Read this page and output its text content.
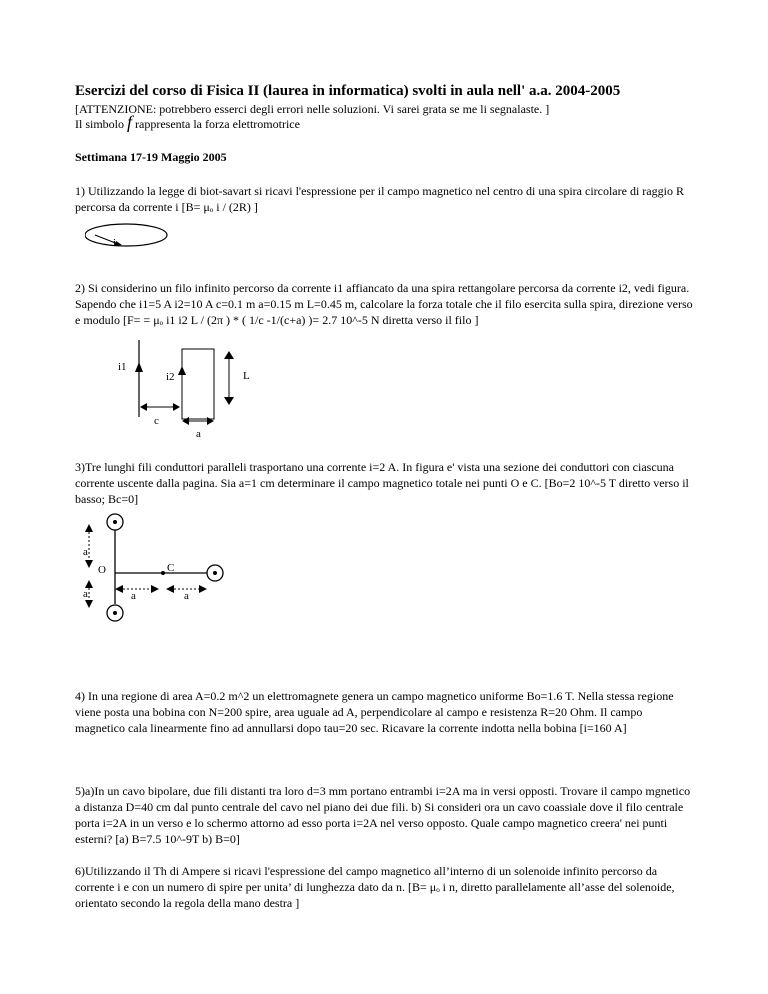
Esercizi del corso di Fisica II (laurea in informatica) svolti in aula nell' a.a. 2004-2005
[ATTENZIONE: potrebbero esserci degli errori nelle soluzioni. Vi sarei grata se me li segnalaste. ]
Il simbolo f rappresenta la forza elettromotrice
Settimana 17-19 Maggio 2005
1) Utilizzando la legge di biot-savart si ricavi l'espressione per il campo magnetico nel centro di una spira circolare di raggio R percorsa da corrente i [B= μₒ i / (2R) ]
i
2) Si considerino un filo infinito percorso da corrente i1 affiancato da una spira rettangolare percorsa da corrente i2, vedi figura. Sapendo che i1=5 A i2=10 A c=0.1 m a=0.15 m L=0.45 m, calcolare la forza totale che il filo esercita sulla spira, direzione verso e modulo [F= = μₒ i1 i2 L / (2π ) * ( 1/c -1/(c+a) )= 2.7 10^-5 N diretta verso il filo ]
i1
i2	L
c
a
3)Tre lunghi fili conduttori paralleli trasportano una corrente i=2 A. In figura e' vista una sezione dei conduttori con ciascuna corrente uscente dalla pagina. Sia a=1 cm determinare il campo magnetico totale nei punti O e C. [Bo=2 10^-5 T diretto verso il basso; Bc=0]
a
O	C
a	a	a
4) In una regione di area A=0.2 m^2 un elettromagnete genera un campo magnetico uniforme Bo=1.6 T. Nella stessa regione viene posta una bobina con N=200 spire, area uguale ad A, perpendicolare al campo e resistenza R=20 Ohm. Il campo magnetico cala linearmente fino ad annullarsi dopo tau=20 sec. Ricavare la corrente indotta nella bobina [i=160 A]
5)a)In un cavo bipolare, due fili distanti tra loro d=3 mm portano entrambi i=2A ma in versi opposti. Trovare il campo mgnetico a distanza D=40 cm dal punto centrale del cavo nel piano dei due fili. b) Si consideri ora un cavo coassiale dove il filo centrale porta i=2A in un verso e lo schermo attorno ad esso porta i=2A nel verso opposto. Quale campo magnetico creera' nei punti esterni? [a) B=7.5 10^-9T b) B=0]
6)Utilizzando il Th di Ampere si ricavi l'espressione del campo magnetico all’interno di un solenoide infinito percorso da corrente i e con un numero di spire per unita’ di lunghezza dato da n. [B= μₒ i n, diretto parallelamente all’asse del solenoide, orientato secondo la regola della mano destra ]
